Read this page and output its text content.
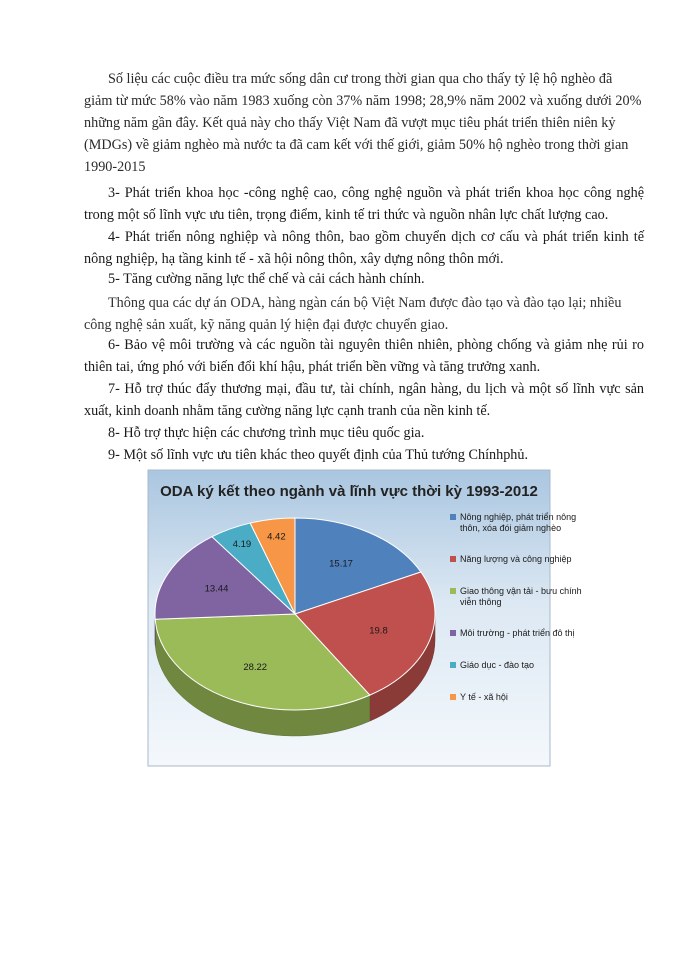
Số liệu các cuộc điều tra mức sống dân cư trong thời gian qua cho thấy tỷ lệ hộ nghèo đã giảm từ mức 58% vào năm 1983 xuống còn 37% năm 1998; 28,9% năm 2002 và xuống dưới 20% những năm gần đây. Kết quả này cho thấy Việt Nam đã vượt mục tiêu phát triển thiên niên kỷ (MDGs) về giảm nghèo mà nước ta đã cam kết với thế giới, giảm 50% hộ nghèo trong thời gian 1990-2015

3- Phát triển khoa học -công nghệ cao, công nghệ nguồn và phát triển khoa học công nghệ trong một số lĩnh vực ưu tiên, trọng điểm, kinh tế tri thức và nguồn nhân lực chất lượng cao.

4- Phát triển nông nghiệp và nông thôn, bao gồm chuyển dịch cơ cấu và phát triển kinh tế nông nghiệp, hạ tầng kinh tế - xã hội nông thôn, xây dựng nông thôn mới.

5- Tăng cường năng lực thể chế và cải cách hành chính.

Thông qua các dự án ODA, hàng ngàn cán bộ Việt Nam được đào tạo và đào tạo lại; nhiều công nghệ sản xuất, kỹ năng quản lý hiện đại được chuyển giao.

6- Bảo vệ môi trường và các nguồn tài nguyên thiên nhiên, phòng chống và giảm nhẹ rủi ro thiên tai, ứng phó với biến đổi khí hậu, phát triển bền vững và tăng trưởng xanh.

7- Hỗ trợ thúc đẩy thương mại, đầu tư, tài chính, ngân hàng, du lịch và một số lĩnh vực sản xuất, kinh doanh nhằm tăng cường năng lực cạnh tranh của nền kinh tế.

8- Hỗ trợ thực hiện các chương trình mục tiêu quốc gia.

9- Một số lĩnh vực ưu tiên khác theo quyết định của Thủ tướng Chínhphủ.

ODA ký kết theo ngành và lĩnh vực thời kỳ 1993-2012
15.17
19.8
28.22
13.44
4.19
4.42
Nông nghiệp, phát triển nông
thôn, xóa đói giảm nghèo
Năng lượng và công nghiệp
Giao thông vận tải - bưu chính
viễn thông
Môi trường - phát triển đô thị
Giáo dục - đào tạo
Y tế - xã hội
